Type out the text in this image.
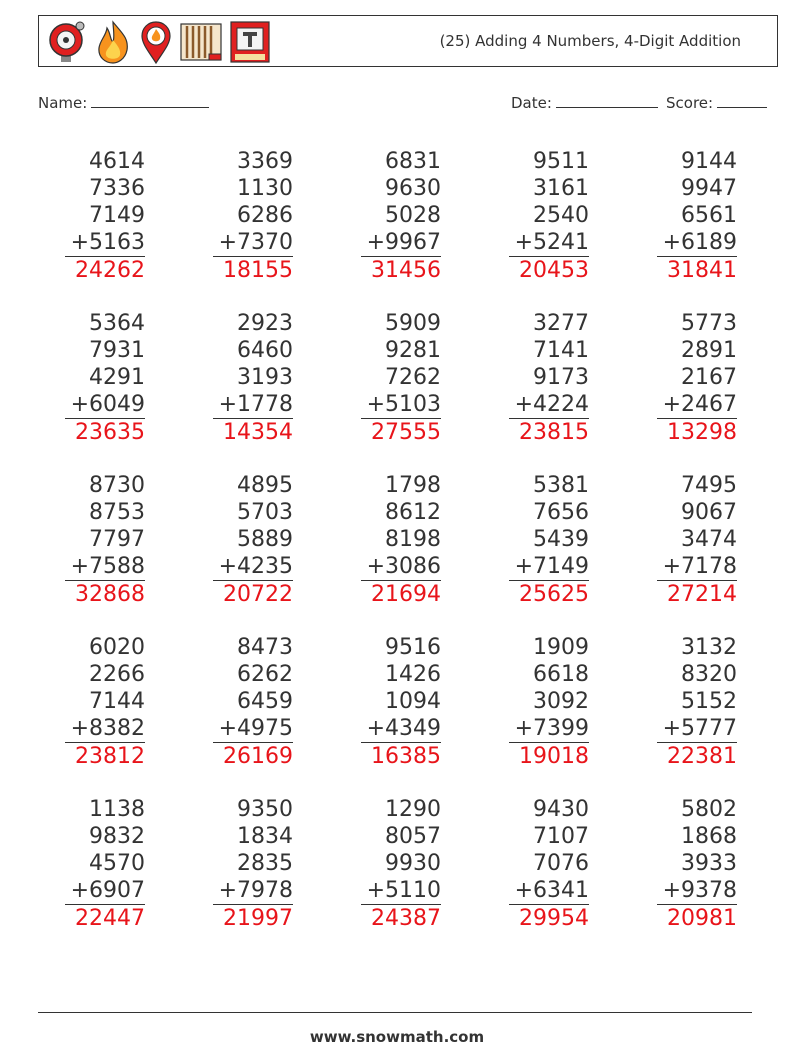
(25) Adding 4 Numbers, 4-Digit Addition
Name:	Date:	Score:
4614
7336
7149
+5163
24262
3369
1130
6286
+7370
18155
6831
9630
5028
+9967
31456
9511
3161
2540
+5241
20453
9144
9947
6561
+6189
31841
5364
7931
4291
+6049
23635
2923
6460
3193
+1778
14354
5909
9281
7262
+5103
27555
3277
7141
9173
+4224
23815
5773
2891
2167
+2467
13298
8730
8753
7797
+7588
32868
4895
5703
5889
+4235
20722
1798
8612
8198
+3086
21694
5381
7656
5439
+7149
25625
7495
9067
3474
+7178
27214
6020
2266
7144
+8382
23812
8473
6262
6459
+4975
26169
9516
1426
1094
+4349
16385
1909
6618
3092
+7399
19018
3132
8320
5152
+5777
22381
1138
9832
4570
+6907
22447
9350
1834
2835
+7978
21997
1290
8057
9930
+5110
24387
9430
7107
7076
+6341
29954
5802
1868
3933
+9378
20981
www.snowmath.com
